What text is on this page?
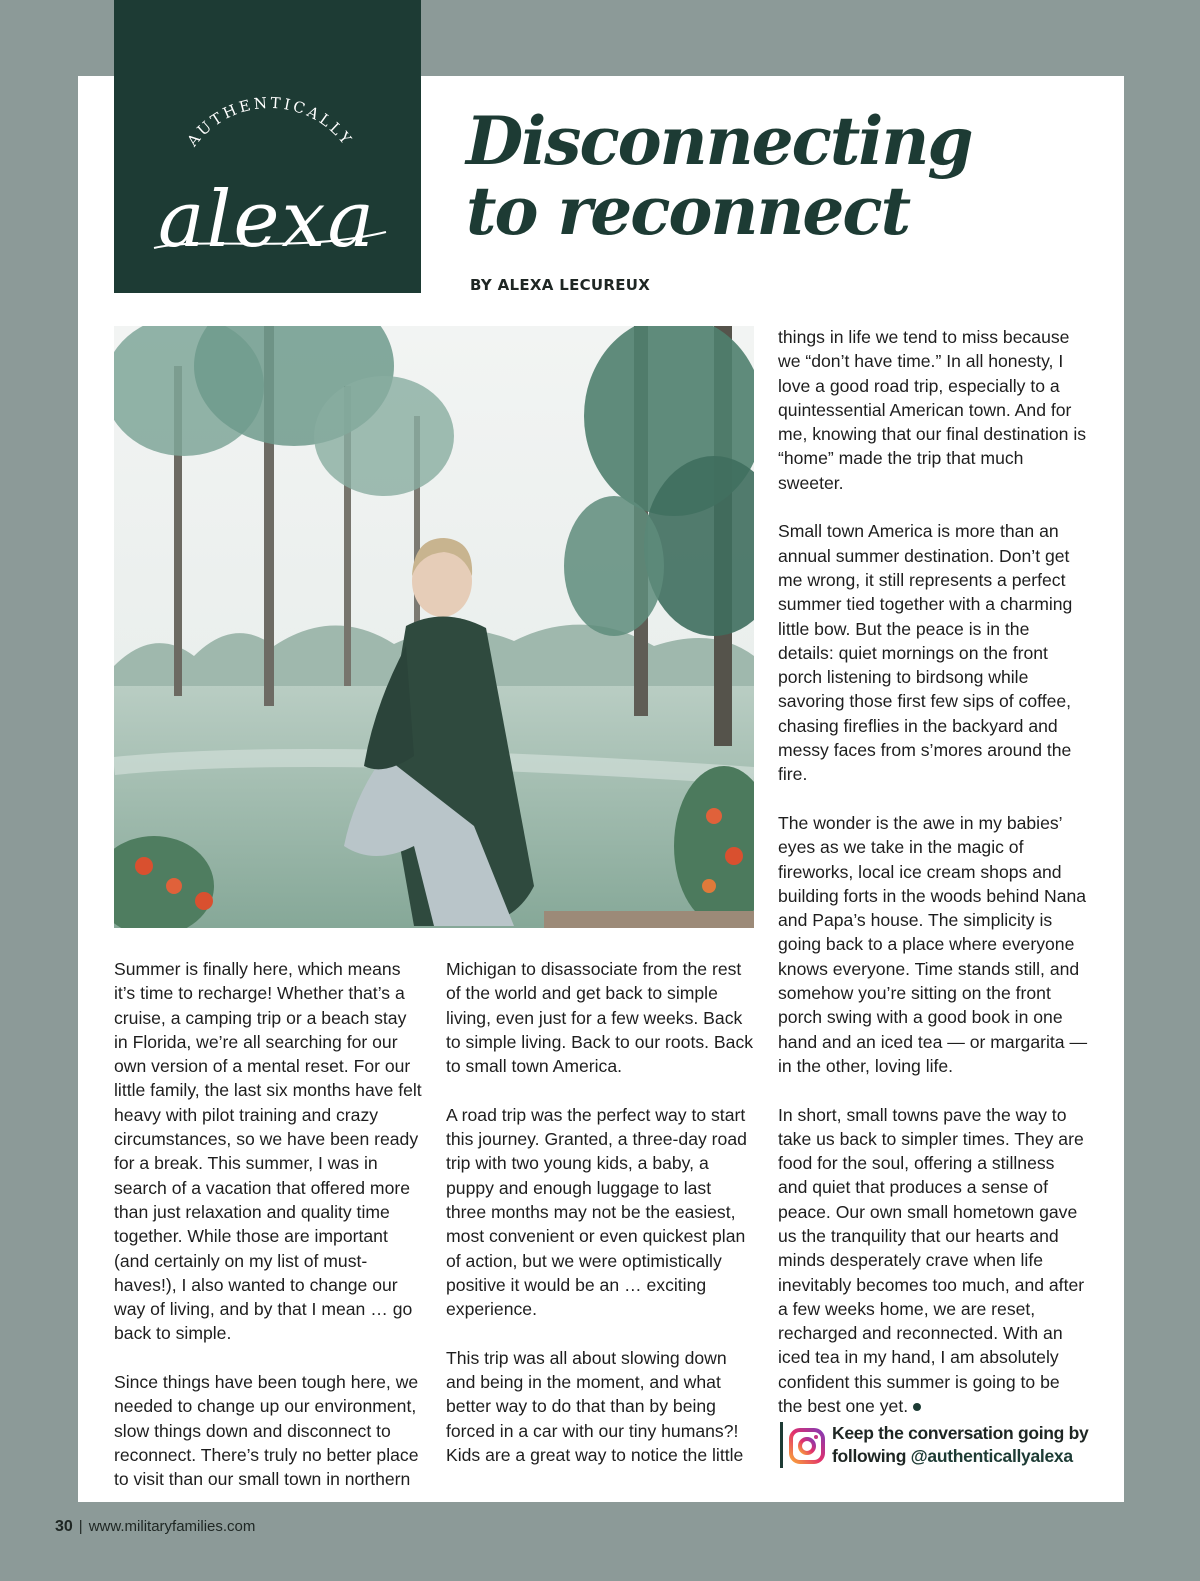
AUTHENTICALLY
alexa
Disconnecting
to reconnect
BY ALEXA LECUREUX

Summer is finally here, which means it’s time to recharge! Whether that’s a cruise, a camping trip or a beach stay in Florida, we’re all searching for our own version of a mental reset. For our little family, the last six months have felt heavy with pilot training and crazy circumstances, so we have been ready for a break. This summer, I was in search of a vacation that offered more than just relaxation and quality time together. While those are important (and certainly on my list of must-haves!), I also wanted to change our way of living, and by that I mean … go back to simple.

Since things have been tough here, we needed to change up our environment, slow things down and disconnect to reconnect. There’s truly no better place to visit than our small town in northern

Michigan to disassociate from the rest of the world and get back to simple living, even just for a few weeks. Back to simple living. Back to our roots. Back to small town America.

A road trip was the perfect way to start this journey. Granted, a three-day road trip with two young kids, a baby, a puppy and enough luggage to last three months may not be the easiest, most convenient or even quickest plan of action, but we were optimistically positive it would be an … exciting experience.

This trip was all about slowing down and being in the moment, and what better way to do that than by being forced in a car with our tiny humans?! Kids are a great way to notice the little

things in life we tend to miss because we “don’t have time.” In all honesty, I love a good road trip, especially to a quintessential American town. And for me, knowing that our final destination is “home” made the trip that much sweeter.

Small town America is more than an annual summer destination. Don’t get me wrong, it still represents a perfect summer tied together with a charming little bow. But the peace is in the details: quiet mornings on the front porch listening to birdsong while savoring those first few sips of coffee, chasing fireflies in the backyard and messy faces from s’mores around the fire.

The wonder is the awe in my babies’ eyes as we take in the magic of fireworks, local ice cream shops and building forts in the woods behind Nana and Papa’s house. The simplicity is going back to a place where everyone knows everyone. Time stands still, and somehow you’re sitting on the front porch swing with a good book in one hand and an iced tea — or margarita — in the other, loving life.

In short, small towns pave the way to take us back to simpler times. They are food for the soul, offering a stillness and quiet that produces a sense of peace. Our own small hometown gave us the tranquility that our hearts and minds desperately crave when life inevitably becomes too much, and after a few weeks home, we are reset, recharged and reconnected. With an iced tea in my hand, I am absolutely confident this summer is going to be the best one yet.

Keep the conversation going by
following @authenticallyalexa
30 | www.militaryfamilies.com
